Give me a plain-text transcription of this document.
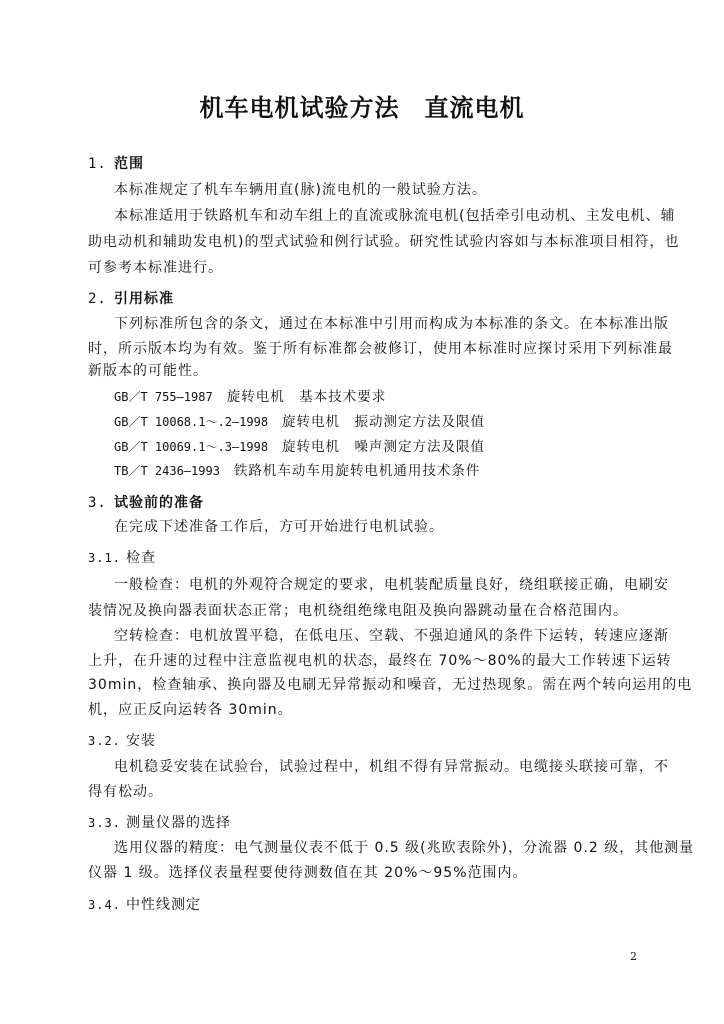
机车电机试验方法　直流电机
1. 范围
本标准规定了机车车辆用直(脉)流电机的一般试验方法。
本标准适用于铁路机车和动车组上的直流或脉流电机(包括牵引电动机、主发电机、辅
助电动机和辅助发电机)的型式试验和例行试验。研究性试验内容如与本标准项目相符，也
可参考本标准进行。
2. 引用标准
下列标准所包含的条文，通过在本标准中引用而构成为本标准的条文。在本标准出版
时，所示版本均为有效。鉴于所有标准都会被修订，使用本标准时应探讨采用下列标准最
新版本的可能性。
GB／T 755—1987 旋转电机　基本技术要求
GB／T 10068.1～.2—1998 旋转电机　振动测定方法及限值
GB／T 10069.1～.3—1998 旋转电机　噪声测定方法及限值
TB／T 2436—1993 铁路机车动车用旋转电机通用技术条件
3. 试验前的准备
在完成下述准备工作后，方可开始进行电机试验。
3.1. 检查
一般检查：电机的外观符合规定的要求，电机装配质量良好，绕组联接正确，电刷安
装情况及换向器表面状态正常；电机绕组绝缘电阻及换向器跳动量在合格范围内。
空转检查：电机放置平稳，在低电压、空载、不强迫通风的条件下运转，转速应逐渐
上升，在升速的过程中注意监视电机的状态，最终在 70%～80%的最大工作转速下运转
30min，检查轴承、换向器及电刷无异常振动和噪音，无过热现象。需在两个转向运用的电
机，应正反向运转各 30min。
3.2. 安装
电机稳妥安装在试验台，试验过程中，机组不得有异常振动。电缆接头联接可靠，不
得有松动。
3.3. 测量仪器的选择
选用仪器的精度：电气测量仪表不低于 0.5 级(兆欧表除外)，分流器 0.2 级，其他测量
仪器 1 级。选择仪表量程要使待测数值在其 20%～95%范围内。
3.4. 中性线测定
2
